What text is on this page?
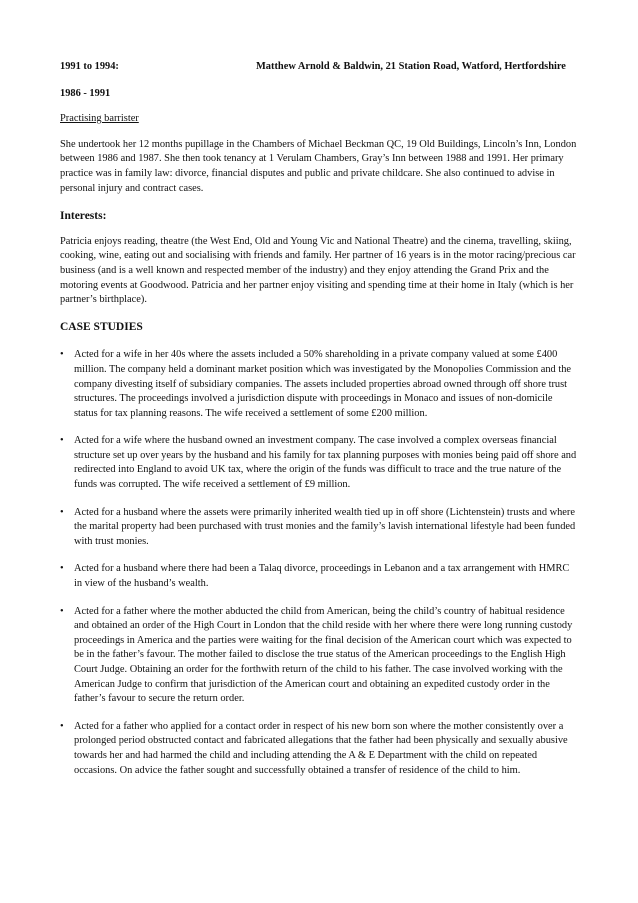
1991 to 1994:	Matthew Arnold & Baldwin, 21 Station Road, Watford, Hertfordshire

1986 - 1991

Practising barrister

She undertook her 12 months pupillage in the Chambers of Michael Beckman QC, 19 Old Buildings, Lincoln’s Inn, London between 1986 and 1987. She then took tenancy at 1 Verulam Chambers, Gray’s Inn between 1988 and 1991. Her primary practice was in family law: divorce, financial disputes and public and private childcare. She also continued to advise in personal injury and contract cases.

Interests:

Patricia enjoys reading, theatre (the West End, Old and Young Vic and National Theatre) and the cinema, travelling, skiing, cooking, wine, eating out and socialising with friends and family. Her partner of 16 years is in the motor racing/precious car business (and is a well known and respected member of the industry) and they enjoy attending the Grand Prix and the motoring events at Goodwood. Patricia and her partner enjoy visiting and spending time at their home in Italy (which is her partner’s birthplace).

CASE STUDIES

• Acted for a wife in her 40s where the assets included a 50% shareholding in a private company valued at some £400 million. The company held a dominant market position which was investigated by the Monopolies Commission and the company divesting itself of subsidiary companies. The assets included properties abroad owned through off shore trust structures. The proceedings involved a jurisdiction dispute with proceedings in Monaco and issues of non-domicile status for tax planning reasons. The wife received a settlement of some £200 million.
• Acted for a wife where the husband owned an investment company. The case involved a complex overseas financial structure set up over years by the husband and his family for tax planning purposes with monies being paid off shore and redirected into England to avoid UK tax, where the origin of the funds was difficult to trace and the true nature of the funds was corrupted. The wife received a settlement of £9 million.
• Acted for a husband where the assets were primarily inherited wealth tied up in off shore (Lichtenstein) trusts and where the marital property had been purchased with trust monies and the family’s lavish international lifestyle had been funded with trust monies.
• Acted for a husband where there had been a Talaq divorce, proceedings in Lebanon and a tax arrangement with HMRC in view of the husband’s wealth.
• Acted for a father where the mother abducted the child from American, being the child’s country of habitual residence and obtained an order of the High Court in London that the child reside with her where there were long running custody proceedings in America and the parties were waiting for the final decision of the American court which was expected to be in the father’s favour. The mother failed to disclose the true status of the American proceedings to the English High Court Judge. Obtaining an order for the forthwith return of the child to his father. The case involved working with the American Judge to confirm that jurisdiction of the American court and obtaining an expedited custody order in the father’s favour to secure the return order.
• Acted for a father who applied for a contact order in respect of his new born son where the mother consistently over a prolonged period obstructed contact and fabricated allegations that the father had been physically and sexually abusive towards her and had harmed the child and including attending the A & E Department with the child on repeated occasions. On advice the father sought and successfully obtained a transfer of residence of the child to him.
